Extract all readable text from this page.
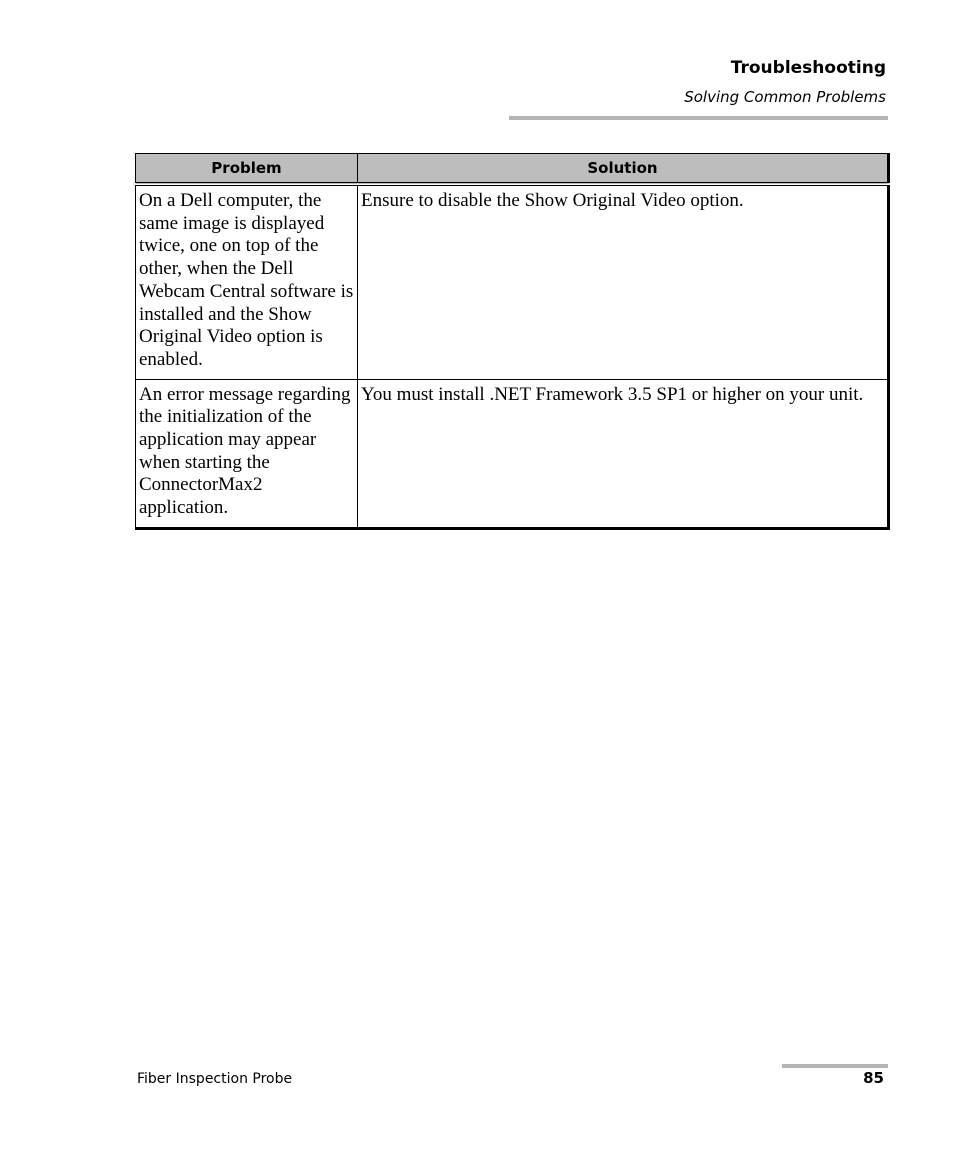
Troubleshooting
Solving Common Problems
Problem	Solution
On a Dell computer, the same image is displayed twice, one on top of the other, when the Dell Webcam Central software is installed and the Show Original Video option is enabled.	Ensure to disable the Show Original Video option.
An error message regarding the initialization of the application may appear when starting the ConnectorMax2 application.	You must install .NET Framework 3.5 SP1 or higher on your unit.
Fiber Inspection Probe	85
